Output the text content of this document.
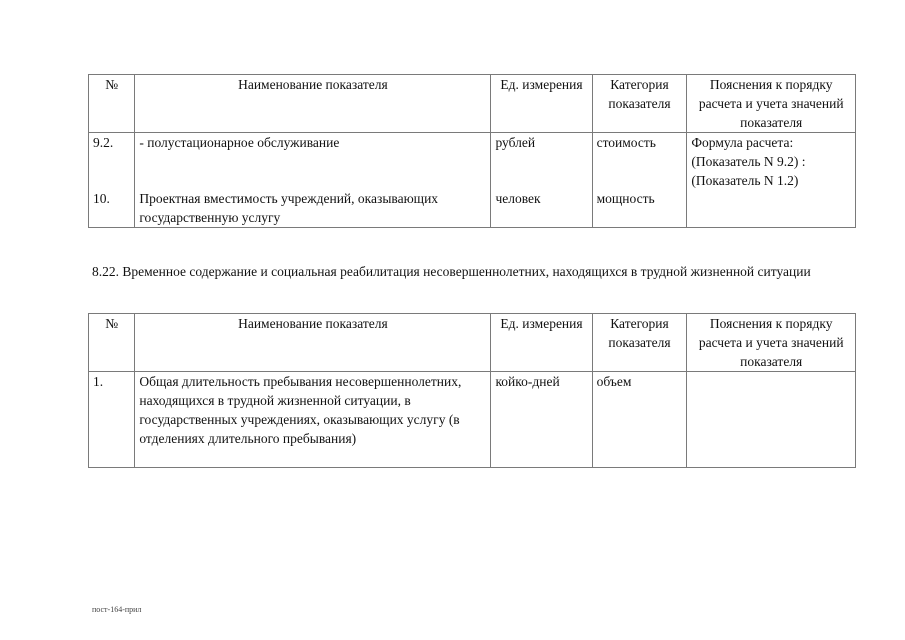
№	Наименование показателя	Ед. измерения	Категория показателя	Пояснения к порядку расчета и учета значений показателя
9.2.	- полустационарное обслуживание	рублей	стоимость	Формула расчета: (Показатель N 9.2) : (Показатель N 1.2)
10.	Проектная вместимость учреждений, оказывающих государственную услугу	человек	мощность	
8.22. Временное содержание и социальная реабилитация несовершеннолетних, находящихся в трудной жизненной ситуации
№	Наименование показателя	Ед. измерения	Категория показателя	Пояснения к порядку расчета и учета значений показателя
1.	Общая длительность пребывания несовершеннолетних, находящихся в трудной жизненной ситуации, в государственных учреждениях, оказывающих услугу (в отделениях длительного пребывания)	койко-дней	объем	
пост-164-прил
